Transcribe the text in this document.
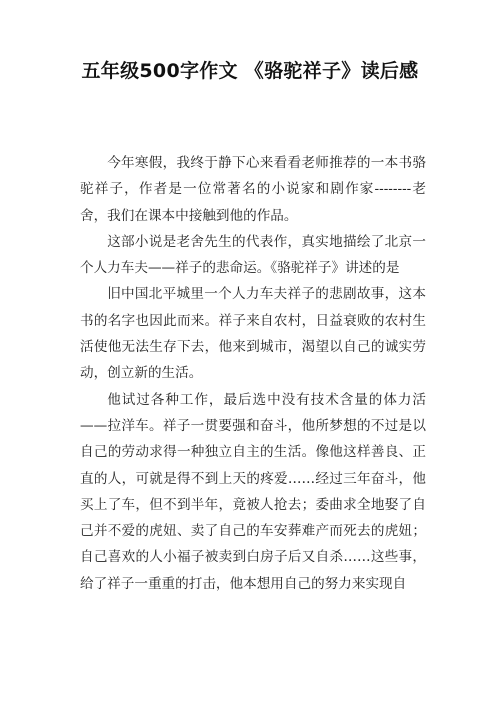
五年级500字作文 《骆驼祥子》读后感

今年寒假，我终于静下心来看看老师推荐的一本书骆驼祥子，作者是一位常著名的小说家和剧作家--------老舍，我们在课本中接触到他的作品。

这部小说是老舍先生的代表作，真实地描绘了北京一个人力车夫——祥子的悲命运。《骆驼祥子》讲述的是

旧中国北平城里一个人力车夫祥子的悲剧故事，这本书的名字也因此而来。祥子来自农村，日益衰败的农村生活使他无法生存下去，他来到城市，渴望以自己的诚实劳动，创立新的生活。

他试过各种工作，最后选中没有技术含量的体力活——拉洋车。祥子一贯要强和奋斗，他所梦想的不过是以自己的劳动求得一种独立自主的生活。像他这样善良、正直的人，可就是得不到上天的疼爱……经过三年奋斗，他买上了车，但不到半年，竟被人抢去；委曲求全地娶了自己并不爱的虎妞、卖了自己的车安葬难产而死去的虎妞；自己喜欢的人小福子被卖到白房子后又自杀……这些事，给了祥子一重重的打击，他本想用自己的努力来实现自
